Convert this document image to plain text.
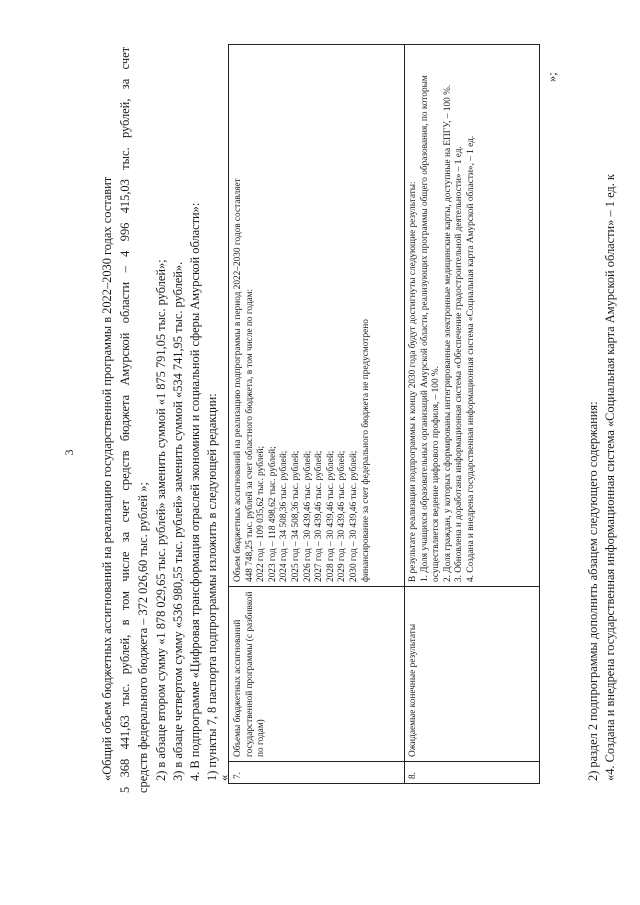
3 «Общий объем бюджетных ассигнований на реализацию государственной программы в 2022–2030 годах составит 5 368 441,63 тыс. рублей, в том числе за счет средств бюджета Амурской области – 4 996 415,03 тыс. рублей, за счет средств федерального бюджета – 372 026,60 тыс. рублей »; 2) в абзаце втором сумму «1 878 029,65 тыс. рублей» заменить суммой «1 875 791,05 тыс. рублей»; 3) в абзаце четвертом сумму «536 980,55 тыс. рублей» заменить суммой «534 741,95 тыс. рублей». 4. В подпрограмме «Цифровая трансформация отраслей экономики и социальной сферы Амурской области»: 1) пункты 7, 8 паспорта подпрограммы изложить в следующей редакции:
« 7.
Объемы бюджетных ассигнований государственной программы (с разбивкой по годам)
Объем бюджетных ассигнований на реализацию подпрограммы в период 2022–2030 годов составляет 448 748,25 тыс. рублей за счет областного бюджета, в том числе по годам: 2022 год – 109 035,62 тыс. рублей; 2023 год – 118 498,62 тыс. рублей; 2024 год – 34 508,36 тыс. рублей; 2025 год – 34 508,36 тыс. рублей; 2026 год – 30 439,46 тыс. рублей; 2027 год – 30 439,46 тыс. рублей; 2028 год – 30 439,46 тыс. рублей; 2029 год – 30 439,46 тыс. рублей; 2030 год – 30 439,46 тыс. рублей; финансирование за счет федерального бюджета не предусмотрено
8.
Ожидаемые конечные результаты
В результате реализации подпрограммы к концу 2030 года будут достигнуты следующие результаты: 1. Доля учащихся образовательных организаций Амурской области, реализующих программы общего образования, по которым осуществляется ведение цифрового профиля, – 100 %. 2. Доля граждан, у которых сформированы интегрированные электронные медицинские карты, доступные на ЕПГУ, – 100 %. 3. Обновлена и доработана информационная система «Обеспечение градостроительной деятельности» – 1 ед. 4. Создана и внедрена государственная информационная система «Социальная карта Амурской области», – 1 ед.
»;
2) раздел 2 подпрограммы дополнить абзацем следующего содержания: «4. Создана и внедрена государственная информационная система «Социальная карта Амурской области» – 1 ед. к
